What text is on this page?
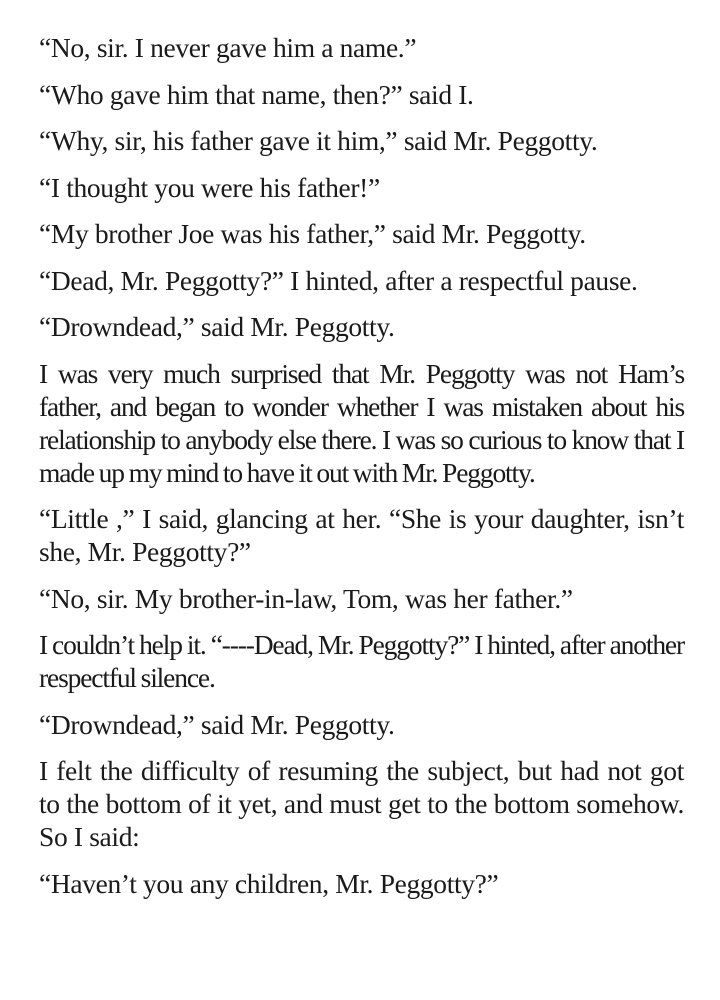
“No, sir. I never gave him a name.”

“Who gave him that name, then?” said I.

“Why, sir, his father gave it him,” said Mr. Peggotty.

“I thought you were his father!”

“My brother Joe was his father,” said Mr. Peggotty.

“Dead, Mr. Peggotty?” I hinted, after a respectful pause.

“Drowndead,” said Mr. Peggotty.

I was very much surprised that Mr. Peggotty was not Ham’s father, and began to wonder whether I was mistaken about his relationship to anybody else there. I was so curious to know that I made up my mind to have it out with Mr. Peggotty.

“Little ,” I said, glancing at her. “She is your daughter, isn’t she, Mr. Peggotty?”

“No, sir. My brother-in-law, Tom, was her father.”

I couldn’t help it. “----Dead, Mr. Peggotty?” I hinted, after another respectful silence.

“Drowndead,” said Mr. Peggotty.

I felt the difficulty of resuming the subject, but had not got to the bottom of it yet, and must get to the bottom somehow. So I said:

“Haven’t you any children, Mr. Peggotty?”
